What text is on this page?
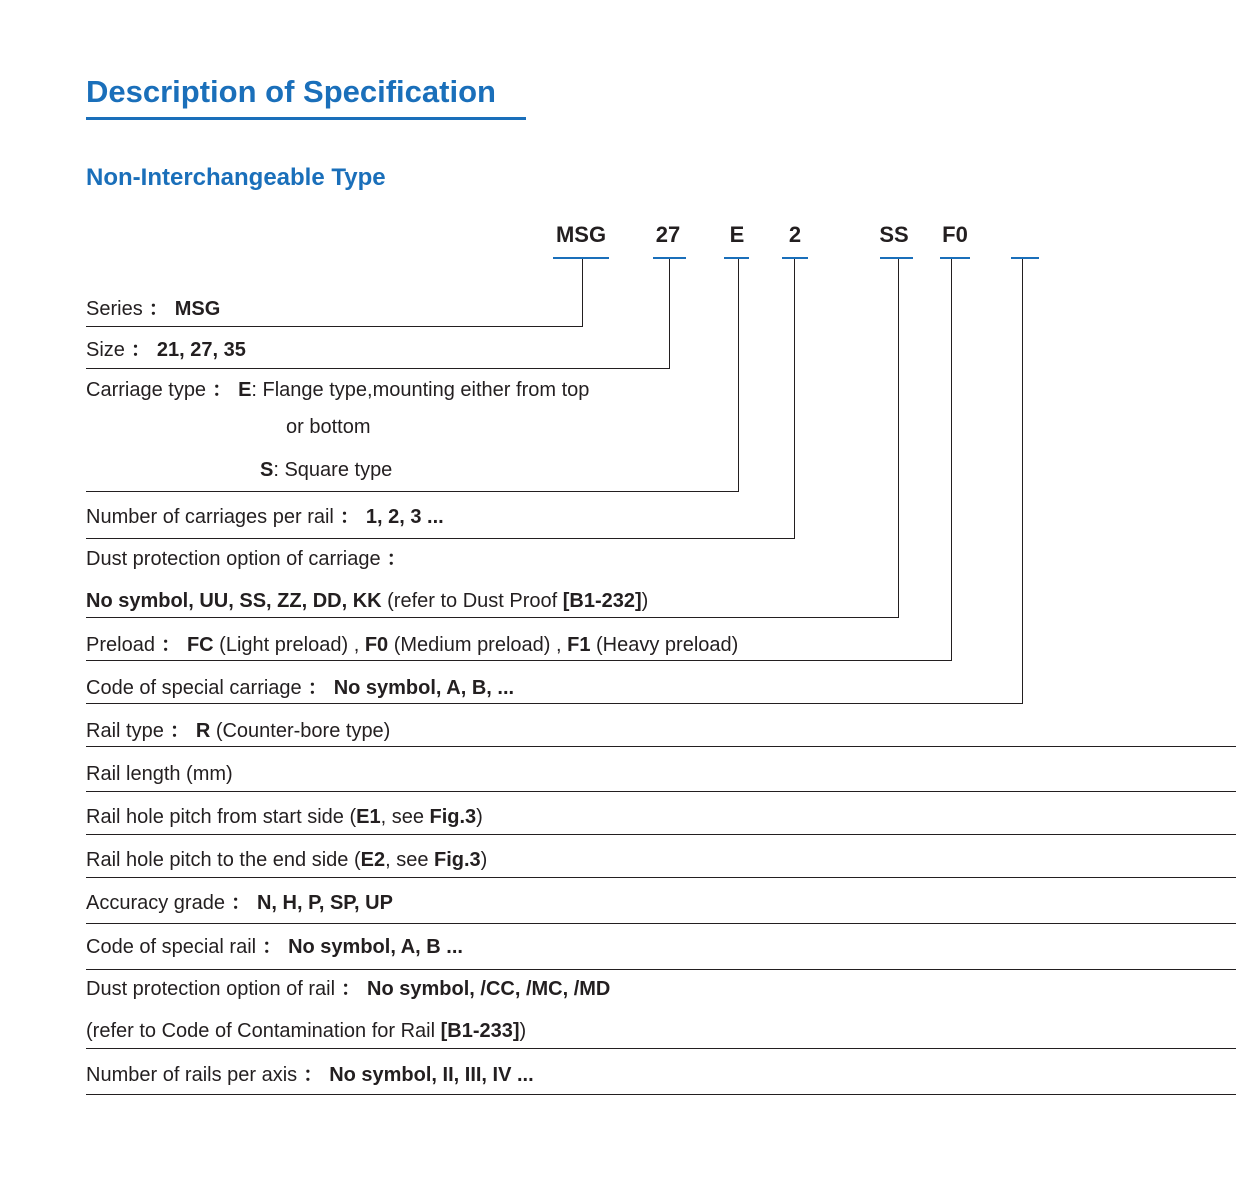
Description of Specification
Non-Interchangeable Type
MSG 27 E	2	SS F0
Series ： MSG
Size ： 21, 27, 35
Carriage type ： E: Flange type,mounting either from top
or bottom
S: Square type
Number of carriages per rail ： 1, 2, 3 ...
Dust protection option of carriage ：
No symbol, UU, SS, ZZ, DD, KK (refer to Dust Proof [B1-232])
Preload ： FC (Light preload) , F0 (Medium preload) , F1 (Heavy preload)
Code of special carriage ： No symbol, A, B, ...
Rail type ： R (Counter-bore type)
Rail length (mm)
Rail hole pitch from start side (E1, see Fig.3)
Rail hole pitch to the end side (E2, see Fig.3)
Accuracy grade ： N, H, P, SP, UP
Code of special rail ： No symbol, A, B ...
Dust protection option of rail ： No symbol, /CC, /MC, /MD
(refer to Code of Contamination for Rail [B1-233])
Number of rails per axis ： No symbol, II, III, IV ...
